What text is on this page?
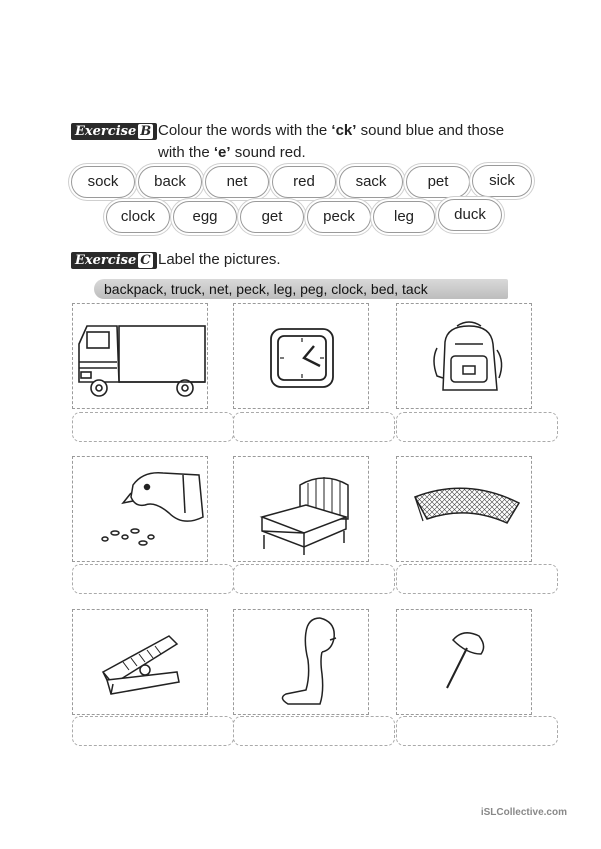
Exercise B Colour the words with the ‘ck’ sound blue and those
with the ‘e’ sound red.
sock	back	net	red	sack	pet	sick
clock	egg	get	peck	leg	duck
Exercise C Label the pictures.
backpack, truck, net, peck, leg, peg, clock, bed, tack
iSLCollective.com
